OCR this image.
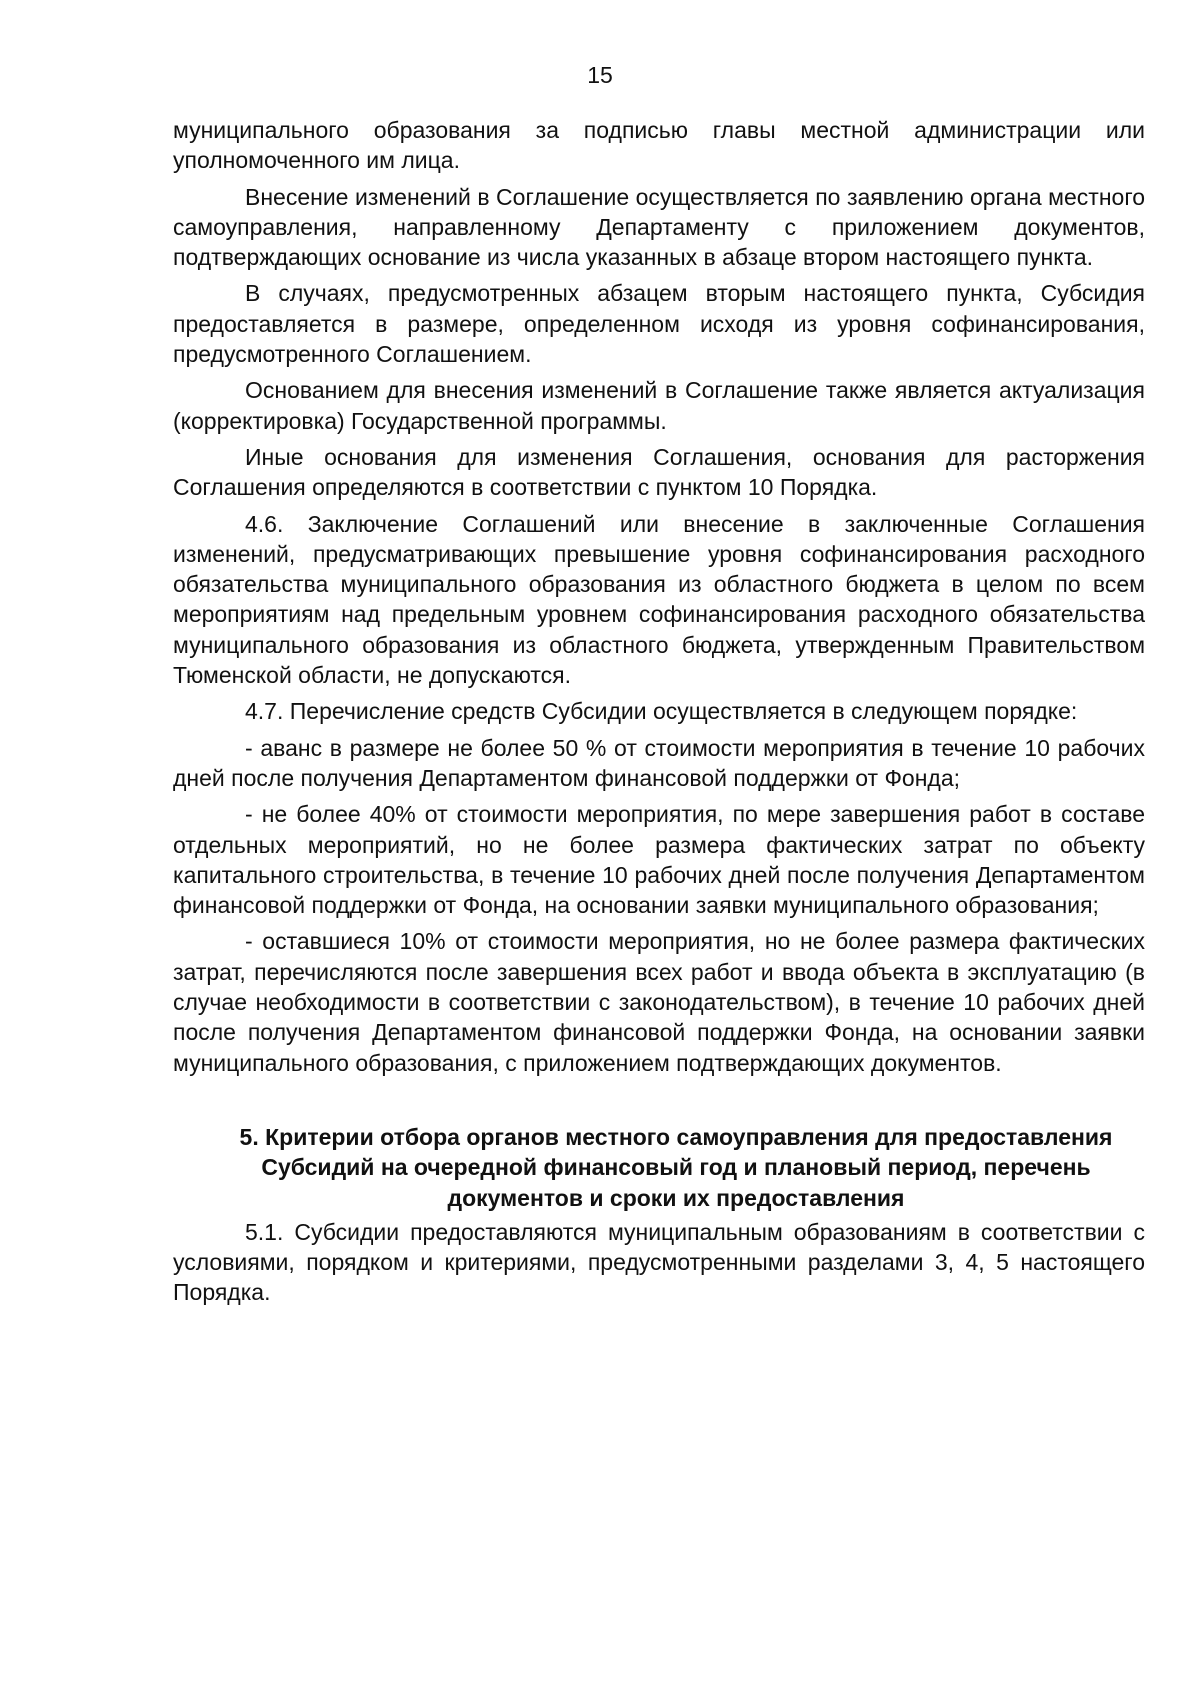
15

муниципального образования за подписью главы местной администрации или уполномоченного им лица.

Внесение изменений в Соглашение осуществляется по заявлению органа местного самоуправления, направленному Департаменту с приложением документов, подтверждающих основание из числа указанных в абзаце втором настоящего пункта.

В случаях, предусмотренных абзацем вторым настоящего пункта, Субсидия предоставляется в размере, определенном исходя из уровня софинансирования, предусмотренного Соглашением.

Основанием для внесения изменений в Соглашение также является актуализация (корректировка) Государственной программы.

Иные основания для изменения Соглашения, основания для расторжения Соглашения определяются в соответствии с пунктом 10 Порядка.

4.6. Заключение Соглашений или внесение в заключенные Соглашения изменений, предусматривающих превышение уровня софинансирования расходного обязательства муниципального образования из областного бюджета в целом по всем мероприятиям над предельным уровнем софинансирования расходного обязательства муниципального образования из областного бюджета, утвержденным Правительством Тюменской области, не допускаются.

4.7. Перечисление средств Субсидии осуществляется в следующем порядке:

- аванс в размере не более 50 % от стоимости мероприятия в течение 10 рабочих дней после получения Департаментом финансовой поддержки от Фонда;

- не более 40% от стоимости мероприятия, по мере завершения работ в составе отдельных мероприятий, но не более размера фактических затрат по объекту капитального строительства, в течение 10 рабочих дней после получения Департаментом финансовой поддержки от Фонда, на основании заявки муниципального образования;

- оставшиеся 10% от стоимости мероприятия, но не более размера фактических затрат, перечисляются после завершения всех работ и ввода объекта в эксплуатацию (в случае необходимости в соответствии с законодательством), в течение 10 рабочих дней после получения Департаментом финансовой поддержки Фонда, на основании заявки муниципального образования, с приложением подтверждающих документов.

5. Критерии отбора органов местного самоуправления для предоставления Субсидий на очередной финансовый год и плановый период, перечень документов и сроки их предоставления

5.1. Субсидии предоставляются муниципальным образованиям в соответствии с условиями, порядком и критериями, предусмотренными разделами 3, 4, 5 настоящего Порядка.
